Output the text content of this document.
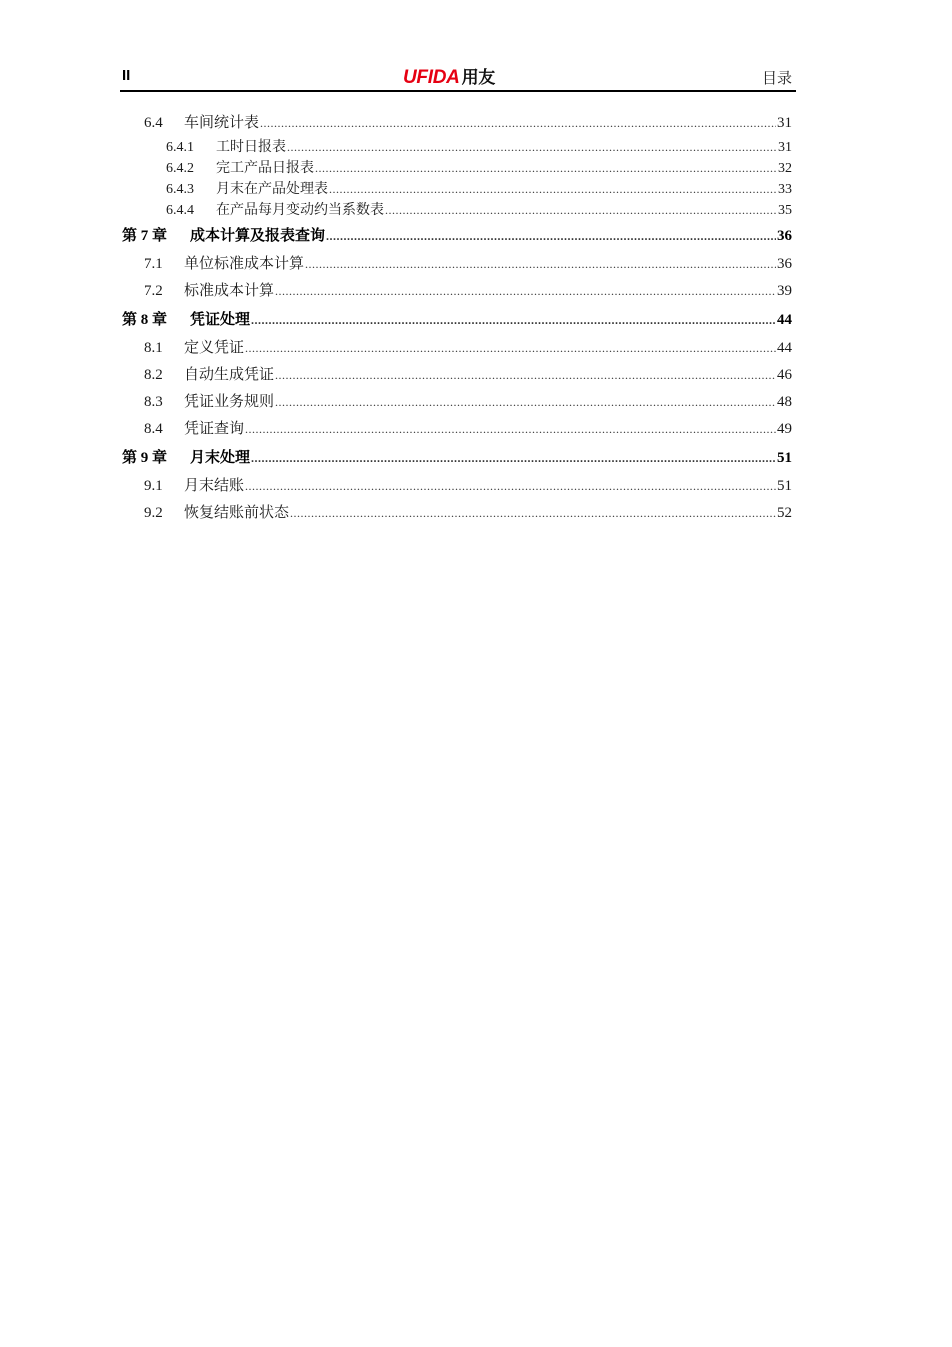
II	UFIDA 用友	目录
6.4	车间统计表 .....	31
6.4.1	工时日报表 .....	31
6.4.2	完工产品日报表 .....	32
6.4.3	月末在产品处理表 .....	33
6.4.4	在产品每月变动约当系数表 .....	35
第 7 章	成本计算及报表查询 .....	36
7.1	单位标准成本计算 .....	36
7.2	标准成本计算 .....	39
第 8 章	凭证处理 .....	44
8.1	定义凭证 .....	44
8.2	自动生成凭证 .....	46
8.3	凭证业务规则 .....	48
8.4	凭证查询 .....	49
第 9 章	月末处理 .....	51
9.1	月末结账 .....	51
9.2	恢复结账前状态 .....	52
